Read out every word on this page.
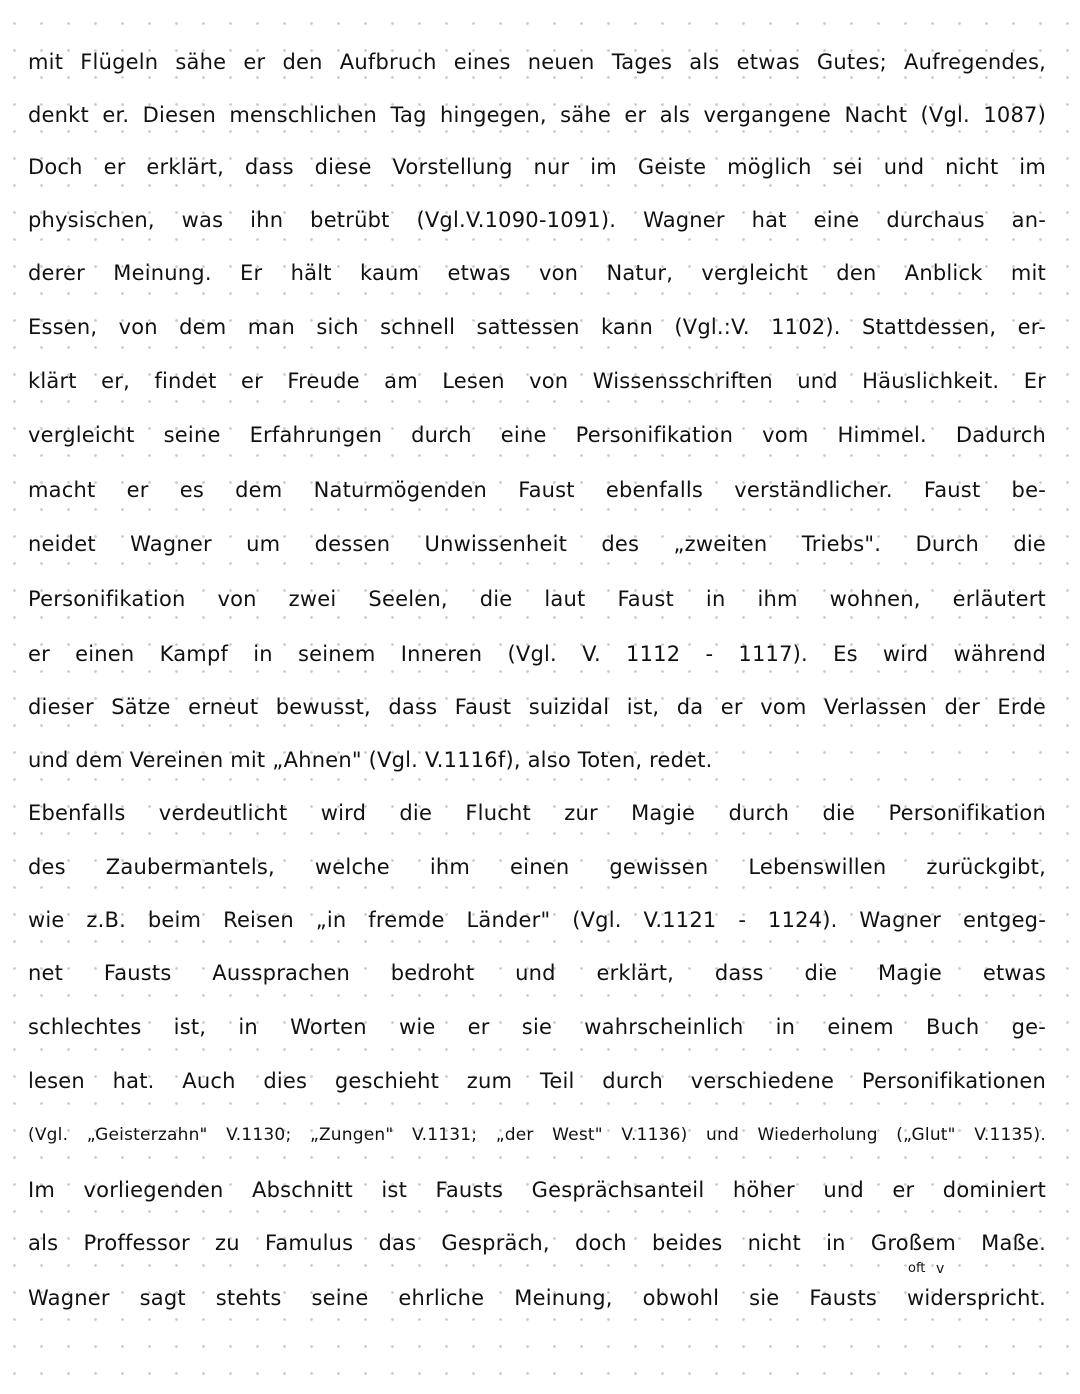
mit Flügeln sähe er den Aufbruch eines neuen Tages als etwas Gutes; Aufregendes,
denkt er. Diesen menschlichen Tag hingegen, sähe er als vergangene Nacht (Vgl. 1087)
Doch er erklärt, dass diese Vorstellung nur im Geiste möglich sei und nicht im
physischen, was ihn betrübt (Vgl.V.1090-1091). Wagner hat eine durchaus an-
derer Meinung. Er hält kaum etwas von Natur, vergleicht den Anblick mit
Essen, von dem man sich schnell sattessen kann (Vgl.:V. 1102). Stattdessen, er-
klärt er, findet er Freude am Lesen von Wissensschriften und Häuslichkeit. Er
vergleicht seine Erfahrungen durch eine Personifikation vom Himmel. Dadurch
macht er es dem Naturmögenden Faust ebenfalls verständlicher. Faust be-
neidet Wagner um dessen Unwissenheit des „zweiten Triebs". Durch die
Personifikation von zwei Seelen, die laut Faust in ihm wohnen, erläutert
er einen Kampf in seinem Inneren (Vgl. V. 1112 - 1117). Es wird während
dieser Sätze erneut bewusst, dass Faust suizidal ist, da er vom Verlassen der Erde
und dem Vereinen mit „Ahnen" (Vgl. V.1116f), also Toten, redet.
Ebenfalls verdeutlicht wird die Flucht zur Magie durch die Personifikation
des Zaubermantels, welche ihm einen gewissen Lebenswillen zurückgibt,
wie z.B. beim Reisen „in fremde Länder" (Vgl. V.1121 - 1124). Wagner entgeg-
net Fausts Aussprachen bedroht und erklärt, dass die Magie etwas
schlechtes ist, in Worten wie er sie wahrscheinlich in einem Buch ge-
lesen hat. Auch dies geschieht zum Teil durch verschiedene Personifikationen
(Vgl. „Geisterzahn" V.1130; „Zungen" V.1131; „der West" V.1136) und Wiederholung („Glut" V.1135).
Im vorliegenden Abschnitt ist Fausts Gesprächsanteil höher und er dominiert
als Proffessor zu Famulus das Gespräch, doch beides nicht in Großem Maße.
Wagner sagt stehts seine ehrliche Meinung, obwohl sie Fausts widerspricht.
oft v
